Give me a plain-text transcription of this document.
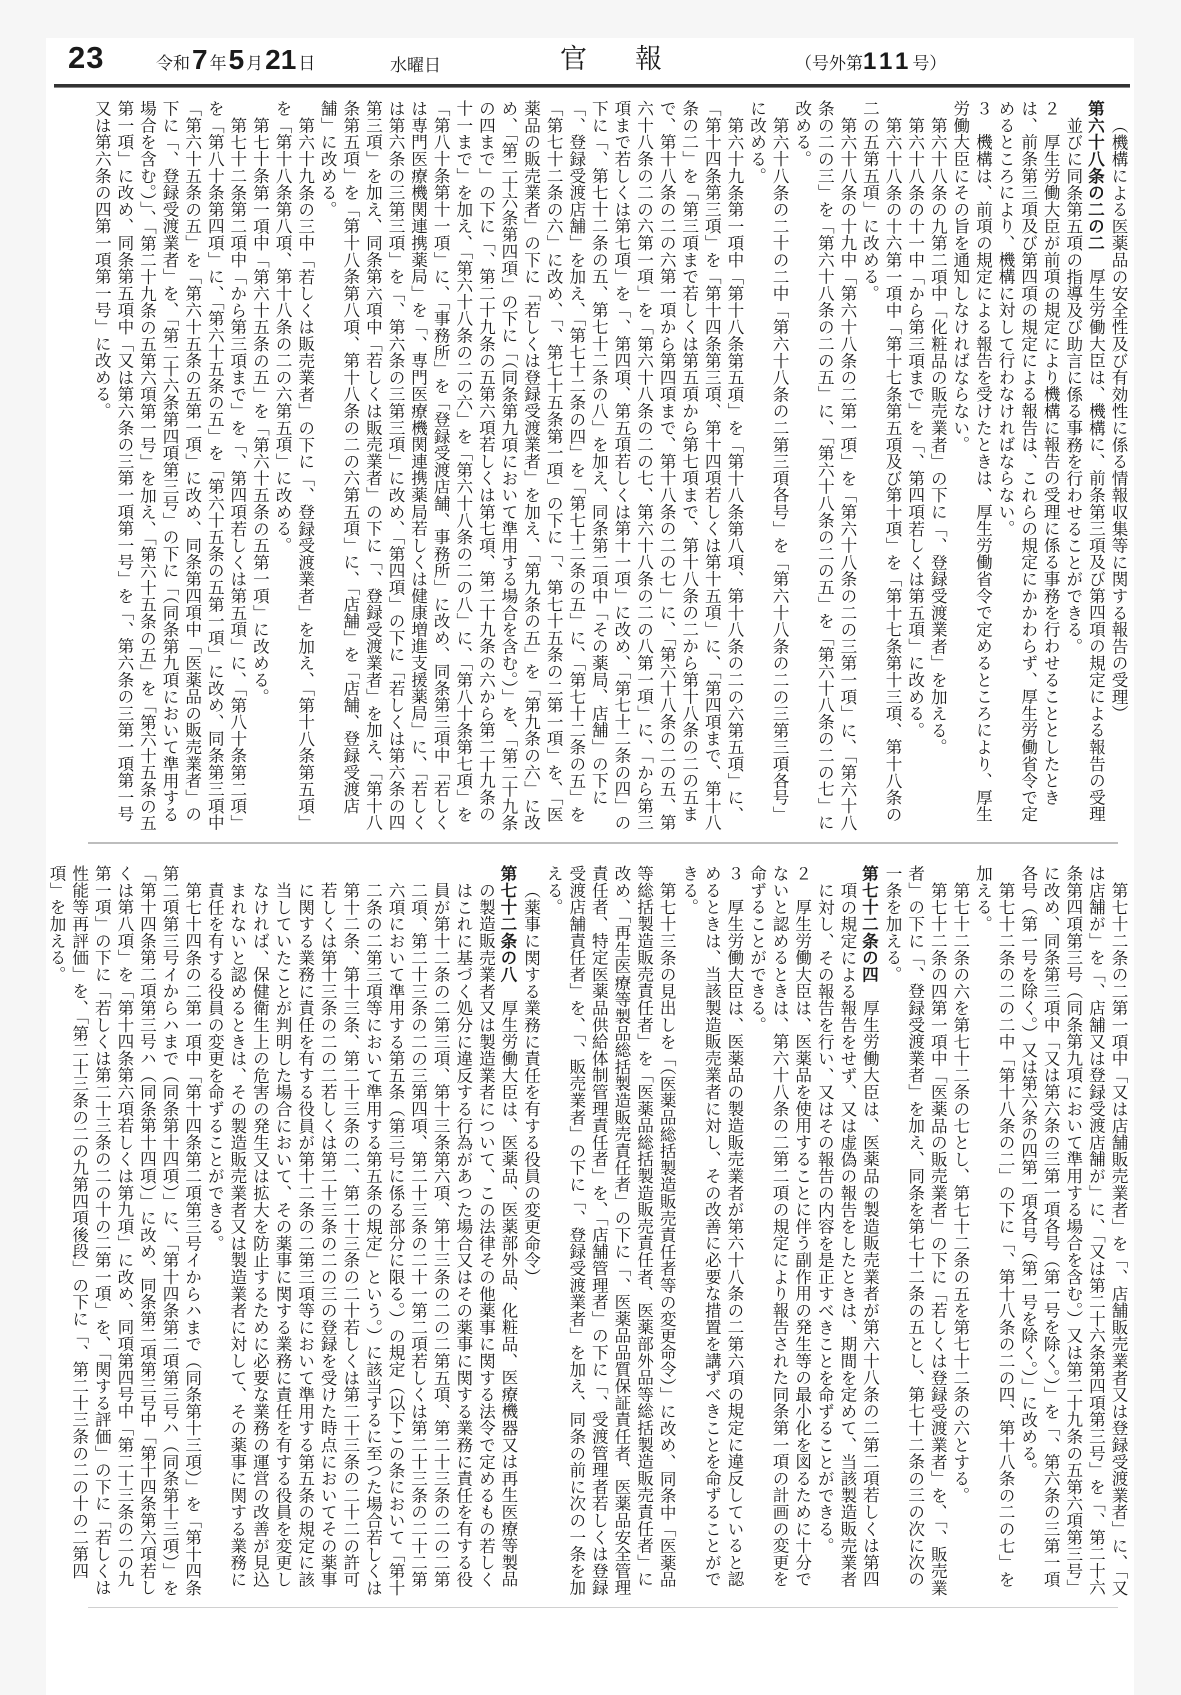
23	令和7 年5 月21 日	水曜日	官報	（号外第111号）

（機構による医薬品の安全性及び有効性に係る情報収集等に関する報告の受理）

第六十八条の二の二　厚生労働大臣は、機構に、前条第三項及び第四項の規定による報告の受理並びに同条第五項の指導及び助言に係る事務を行わせることができる。

２　厚生労働大臣が前項の規定により機構に報告の受理に係る事務を行わせることとしたときは、前条第三項及び第四項の規定による報告は、これらの規定にかかわらず、厚生労働省令で定めるところにより、機構に対して行わなければならない。

３　機構は、前項の規定による報告を受けたときは、厚生労働省令で定めるところにより、厚生労働大臣にその旨を通知しなければならない。

第六十八条の九第二項中「化粧品の販売業者」の下に「、登録受渡業者」を加える。

第六十八条の十一中「から第三項まで」を「、第四項若しくは第五項」に改める。

第六十八条の十六第一項中「第十七条第五項及び第十項」を「第十七条第十三項、第十八条の二の五第五項」に改める。

第六十八条の十九中「第六十八条の二第一項」を「第六十八条の二の三第一項」に、「第六十八条の二の三」を「第六十八条の二の五」に、「第六十八条の二の五」を「第六十八条の二の七」に改める。

第六十八条の二十の二中「第六十八条の二第三項各号」を「第六十八条の二の三第三項各号」に改める。

第六十九条第一項中「第十八条第五項」を「第十八条第八項、第十八条の二の六第五項」に、「第十四条第三項」を「第十四条第三項、第十四項若しくは第十五項」に、「第四項まで、第十八条の二」を「第三項まで若しくは第五項から第七項まで、第十八条の二から第十八条の二の五まで、第十八条の二の六第一項から第四項まで、第十八条の二の七」に、「第六十八条の二の五、第六十八条の二の六第一項」を「第六十八条の二の七、第六十八条の二の八第一項」に、「から第三項まで若しくは第七項」を「、第四項、第五項若しくは第十一項」に改め、「第七十二条の四」の下に「、第七十二条の五、第七十二条の八」を加え、同条第二項中「その薬局、店舗」の下に「、登録受渡店舗」を加え、「第七十二条の四」を「第七十二条の五」に、「第七十二条の五」を「第七十二条の六」に改め、「、第七十五条第一項」の下に「、第七十五条の二第一項」を、「医薬品の販売業者」の下に「若しくは登録受渡業者」を加え、「第九条の五」を「第九条の六」に改め、「第二十六条第四項」の下に「（同条第九項において準用する場合を含む。）」を、「第二十九条の四まで」の下に「、第二十九条の五第六項若しくは第七項、第二十九条の六から第二十九条の十一まで」を加え、「第六十八条の二の六」を「第六十八条の二の八」に、「第八十条第七項」を「第八十条第十一項」に、「事務所」を「登録受渡店舗、事務所」に改め、同条第三項中「若しくは専門医療機関連携薬局」を「、専門医療機関連携薬局若しくは健康増進支援薬局」に、「若しくは第六条の三第三項」を「、第六条の三第三項」に改め、「第四項」の下に「若しくは第六条の四第三項」を加え、同条第六項中「若しくは販売業者」の下に「、登録受渡業者」を加え、「第十八条第五項」を「第十八条第八項、第十八条の二の六第五項」に、「店舗」を「店舗、登録受渡店舗」に改める。

第六十九条の三中「若しくは販売業者」の下に「、登録受渡業者」を加え、「第十八条第五項」を「第十八条第八項、第十八条の二の六第五項」に改める。

第七十条第一項中「第六十五条の五」を「第六十五条の五第一項」に改める。

第七十二条第二項中「から第三項まで」を「、第四項若しくは第五項」に、「第八十条第二項」を「第八十条第四項」に、「第六十五条の五」を「第六十五条の五第一項」に改め、同条第三項中「第六十五条の五」を「第六十五条の五第一項」に改め、同条第四項中「医薬品の販売業者」の下に「、登録受渡業者」を、「第二十六条第四項第三号」の下に「（同条第九項において準用する場合を含む。）」、「第二十九条の五第六項第一号」を加え、「第六十五条の五」を「第六十五条の五第一項」に改め、同条第五項中「又は第六条の三第一項第一号」を「、第六条の三第一項第一号又は第六条の四第一項第一号」に改める。

第七十二条の二第一項中「又は店舗販売業者」を「、店舗販売業者又は登録受渡業者」に、「又は店舗が」を「、店舗又は登録受渡店舗が」に、「又は第二十六条第四項第三号」を「、第二十六条第四項第三号（同条第九項において準用する場合を含む。）又は第二十九条の五第六項第三号」に改め、同条第三項中「又は第六条の三第一項各号（第一号を除く。）」を「、第六条の三第一項各号（第一号を除く。）又は第六条の四第一項各号（第一号を除く。）」に改める。

第七十二条の二の二中「第十八条の二」の下に「、第十八条の二の四、第十八条の二の七」を加える。

第七十二条の六を第七十二条の七とし、第七十二条の五を第七十二条の六とする。

第七十二条の四第一項中「医薬品の販売業者」の下に「若しくは登録受渡業者」を、「、販売業者」の下に「、登録受渡業者」を加え、同条を第七十二条の五とし、第七十二条の三の次に次の一条を加える。

第七十二条の四　厚生労働大臣は、医薬品の製造販売業者が第六十八条の二第二項若しくは第四項の規定による報告をせず、又は虚偽の報告をしたときは、期間を定めて、当該製造販売業者に対し、その報告を行い、又はその報告の内容を是正すべきことを命ずることができる。

２　厚生労働大臣は、医薬品を使用することに伴う副作用の発生等の最小化を図るために十分でないと認めるときは、第六十八条の二第二項の規定により報告された同条第一項の計画の変更を命ずることができる。

３　厚生労働大臣は、医薬品の製造販売業者が第六十八条の二第六項の規定に違反していると認めるときは、当該製造販売業者に対し、その改善に必要な措置を講ずべきことを命ずることができる。

第七十三条の見出しを「（医薬品総括製造販売責任者等の変更命令）」に改め、同条中「医薬品等総括製造販売責任者」を「医薬品総括製造販売責任者、医薬部外品等総括製造販売責任者」に改め、「再生医療等製品総括製造販売責任者」の下に「、医薬品品質保証責任者、医薬品安全管理責任者、特定医薬品供給体制管理責任者」を、「店舗管理者」の下に「、受渡管理者若しくは登録受渡店舗責任者」を、「、販売業者」の下に「、登録受渡業者」を加え、同条の前に次の一条を加える。

（薬事に関する業務に責任を有する役員の変更命令）

第七十二条の八　厚生労働大臣は、医薬品、医薬部外品、化粧品、医療機器又は再生医療等製品の製造販売業者又は製造業者について、この法律その他薬事に関する法令で定めるもの若しくはこれに基づく処分に違反する行為があつた場合又はその薬事に関する業務に責任を有する役員が第十二条の二第三項、第十三条第六項、第十三条の二の二第五項、第二十三条の二の二第二項、第二十三条の二の三第四項、第二十三条の二十一第二項若しくは第二十三条の二十二第六項において準用する第五条（第三号に係る部分に限る。）の規定（以下この条において「第十二条の二第三項等において準用する第五条の規定」という。）に該当するに至つた場合若しくは第十二条、第十三条、第二十三条の二、第二十三条の二十若しくは第二十三条の二十二の許可若しくは第十三条の二の二若しくは第二十三条の二の三の登録を受けた時点においてその薬事に関する業務に責任を有する役員が第十二条の二第三項等において準用する第五条の規定に該当していたことが判明した場合において、その薬事に関する業務に責任を有する役員を変更しなければ、保健衛生上の危害の発生又は拡大を防止するために必要な業務の運営の改善が見込まれないと認めるときは、その製造販売業者又は製造業者に対して、その薬事に関する業務に責任を有する役員の変更を命ずることができる。

第七十四条の二第一項中「第十四条第二項第三号イからハまで（同条第十三項）」を「第十四条第二項第三号イからハまで（同条第十四項）」に、「第十四条第二項第三号ハ（同条第十三項）」を「第十四条第二項第三号ハ（同条第十四項）」に改め、同条第二項第三号中「第十四条第六項若しくは第八項」を「第十四条第六項若しくは第九項」に改め、同項第四号中「第二十三条の二の九第一項」の下に「若しくは第二十三条の二の十の二第一項」を、「関する評価」の下に「若しくは性能等再評価」を、「第二十三条の二の九第四項後段」の下に「、第二十三条の二の十の二第四項」を加える。
